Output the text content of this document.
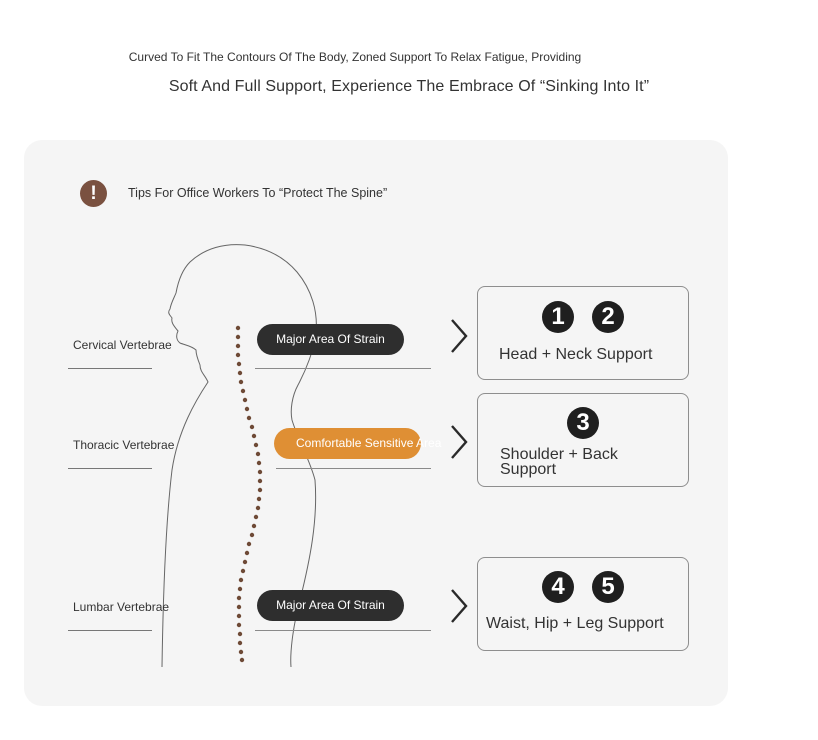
Curved To Fit The Contours Of The Body, Zoned Support To Relax Fatigue, Providing
Soft And Full Support, Experience The Embrace Of “Sinking Into It”
!	Tips For Office Workers To “Protect The Spine”
Cervical Vertebrae
Thoracic Vertebrae
Lumbar Vertebrae
Major Area Of Strain
Comfortable Sensitive Area
Major Area Of Strain
1	2
Head + Neck Support
3
Shoulder + Back
Support
4	5
Waist, Hip + Leg Support
